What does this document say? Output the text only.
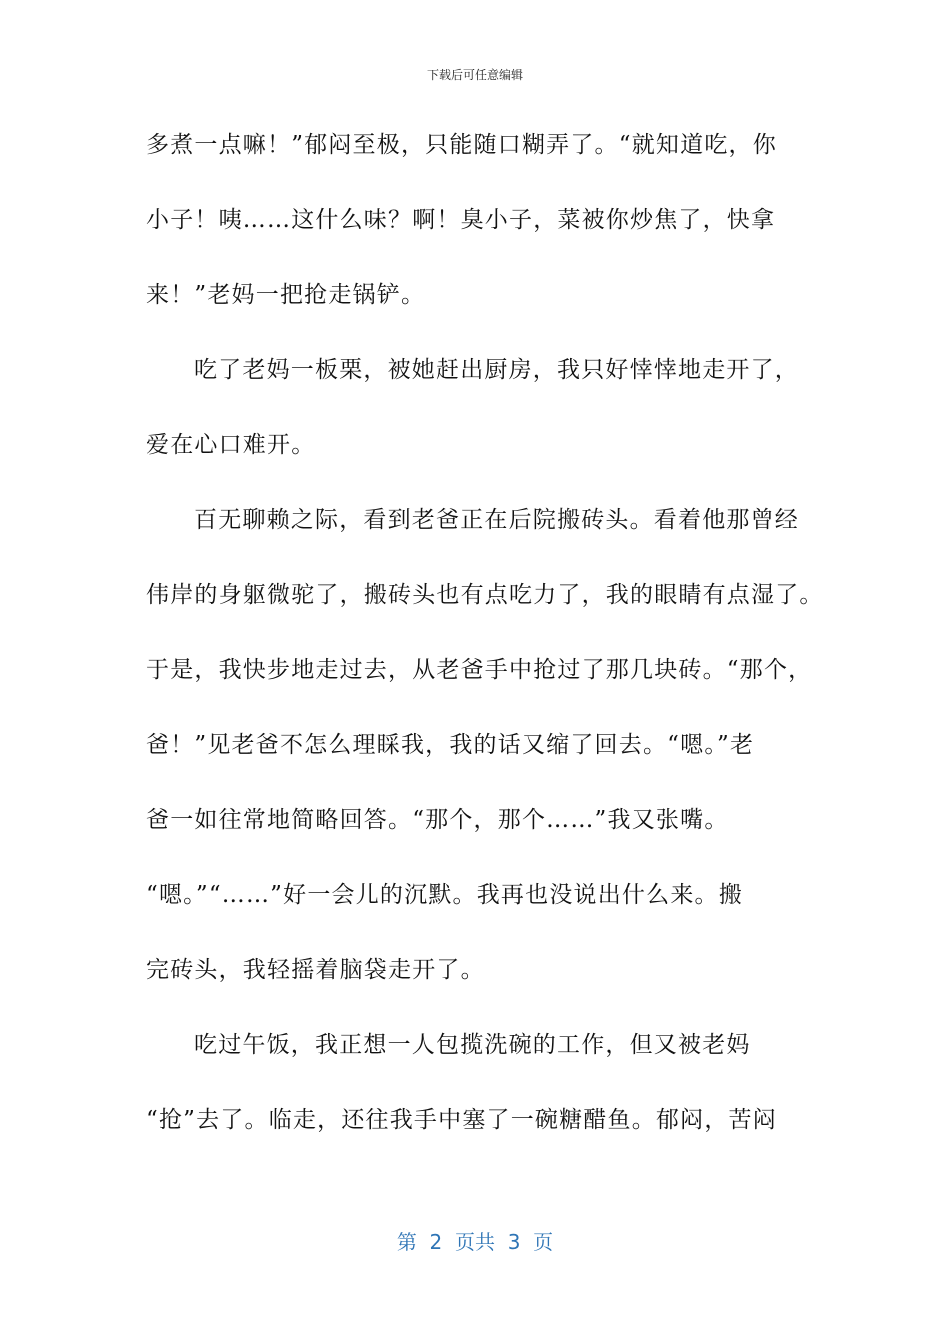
下载后可任意编辑
多煮一点嘛！”郁闷至极，只能随口糊弄了。“就知道吃，你
小子！咦……这什么味？啊！臭小子，菜被你炒焦了，快拿
来！”老妈一把抢走锅铲。
吃了老妈一板栗，被她赶出厨房，我只好悻悻地走开了，
爱在心口难开。
百无聊赖之际，看到老爸正在后院搬砖头。看着他那曾经
伟岸的身躯微驼了，搬砖头也有点吃力了，我的眼睛有点湿了。
于是，我快步地走过去，从老爸手中抢过了那几块砖。“那个，
爸！”见老爸不怎么理睬我，我的话又缩了回去。“嗯。”老
爸一如往常地简略回答。“那个，那个……”我又张嘴。
“嗯。”“……”好一会儿的沉默。我再也没说出什么来。搬
完砖头，我轻摇着脑袋走开了。
吃过午饭，我正想一人包揽洗碗的工作，但又被老妈
“抢”去了。临走，还往我手中塞了一碗糖醋鱼。郁闷，苦闷
第  2  页共  3  页
